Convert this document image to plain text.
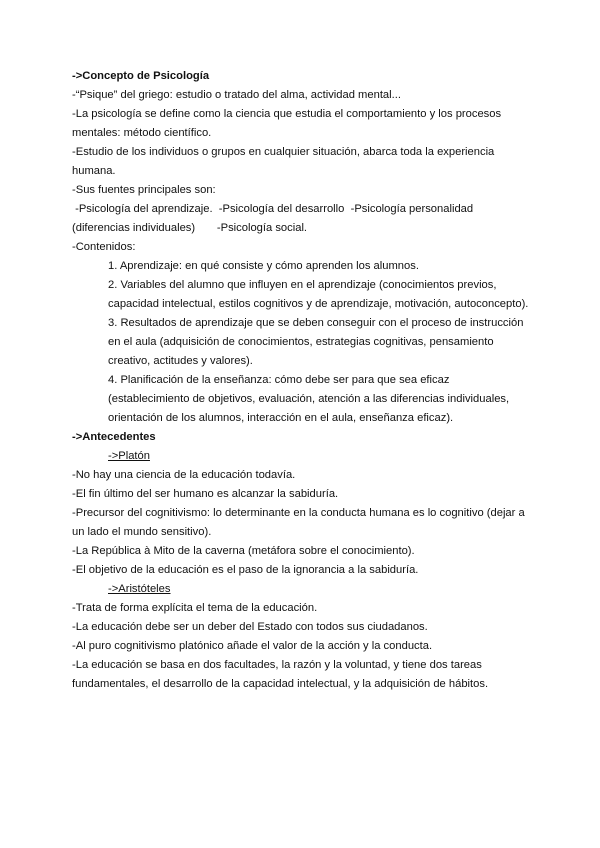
->Concepto de Psicología
-“Psique” del griego: estudio o tratado del alma, actividad mental...
-La psicología se define como la ciencia que estudia el comportamiento y los procesos
mentales: método científico.
-Estudio de los individuos o grupos en cualquier situación, abarca toda la experiencia
humana.
-Sus fuentes principales son:
-Psicología del aprendizaje.  -Psicología del desarrollo  -Psicología personalidad
(diferencias individuales)       -Psicología social.
-Contenidos:
1. Aprendizaje: en qué consiste y cómo aprenden los alumnos.
2. Variables del alumno que influyen en el aprendizaje (conocimientos previos,
capacidad intelectual, estilos cognitivos y de aprendizaje, motivación, autoconcepto).
3. Resultados de aprendizaje que se deben conseguir con el proceso de instrucción
en el aula (adquisición de conocimientos, estrategias cognitivas, pensamiento
creativo, actitudes y valores).
4. Planificación de la enseñanza: cómo debe ser para que sea eficaz
(establecimiento de objetivos, evaluación, atención a las diferencias individuales,
orientación de los alumnos, interacción en el aula, enseñanza eficaz).
->Antecedentes
->Platón
-No hay una ciencia de la educación todavía.
-El fin último del ser humano es alcanzar la sabiduría.
-Precursor del cognitivismo: lo determinante en la conducta humana es lo cognitivo (dejar a
un lado el mundo sensitivo).
-La República à Mito de la caverna (metáfora sobre el conocimiento).
-El objetivo de la educación es el paso de la ignorancia a la sabiduría.
->Aristóteles
-Trata de forma explícita el tema de la educación.
-La educación debe ser un deber del Estado con todos sus ciudadanos.
-Al puro cognitivismo platónico añade el valor de la acción y la conducta.
-La educación se basa en dos facultades, la razón y la voluntad, y tiene dos tareas
fundamentales, el desarrollo de la capacidad intelectual, y la adquisición de hábitos.
